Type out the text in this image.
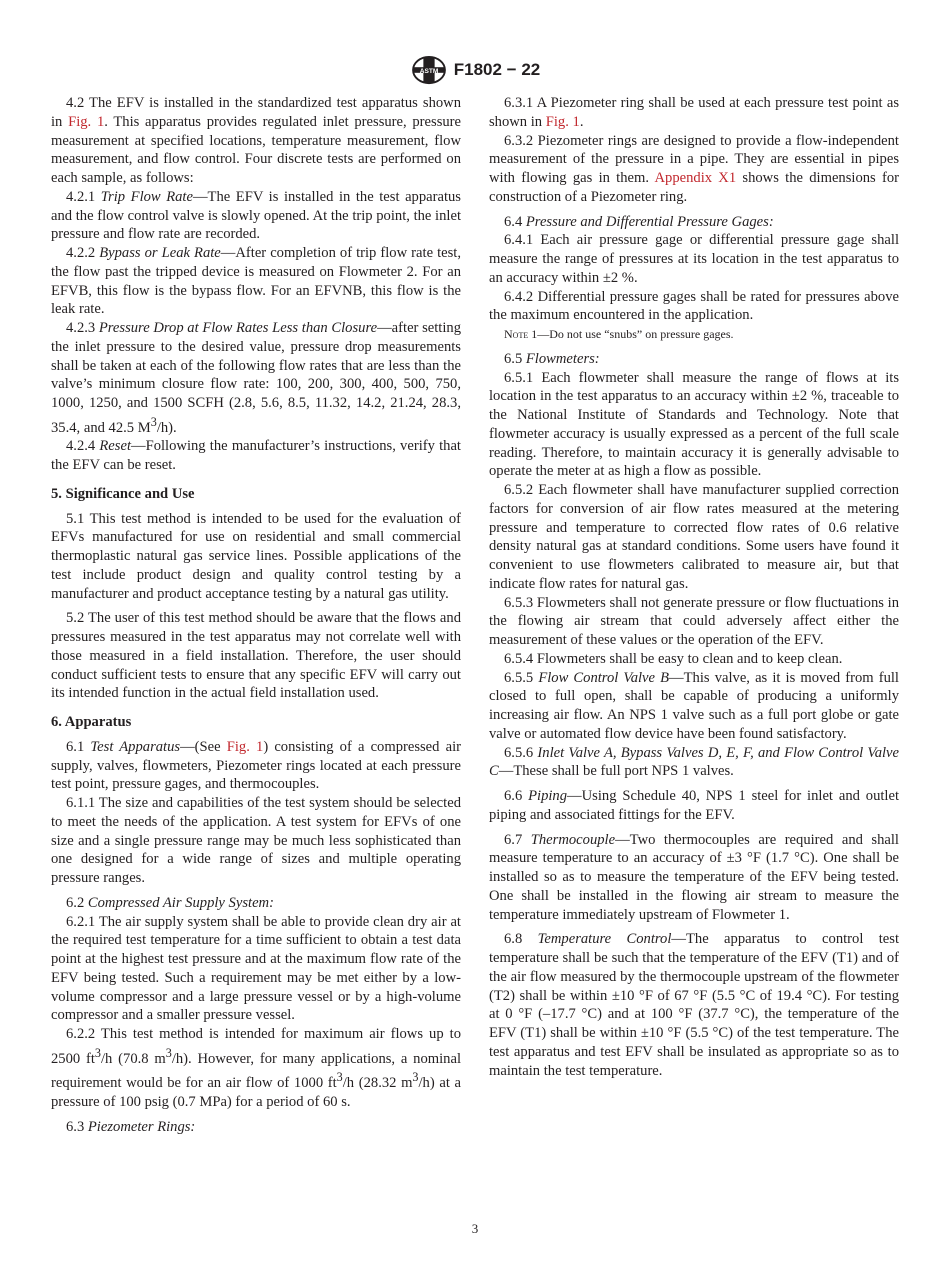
ASTM F1802 − 22

4.2 The EFV is installed in the standardized test apparatus shown in Fig. 1. This apparatus provides regulated inlet pressure, pressure measurement at specified locations, temperature measurement, flow measurement, and flow control. Four discrete tests are performed on each sample, as follows:

4.2.1 Trip Flow Rate—The EFV is installed in the test apparatus and the flow control valve is slowly opened. At the trip point, the inlet pressure and flow rate are recorded.

4.2.2 Bypass or Leak Rate—After completion of trip flow rate test, the flow past the tripped device is measured on Flowmeter 2. For an EFVB, this flow is the bypass flow. For an EFVNB, this flow is the leak rate.

4.2.3 Pressure Drop at Flow Rates Less than Closure—after setting the inlet pressure to the desired value, pressure drop measurements shall be taken at each of the following flow rates that are less than the valve’s minimum closure flow rate: 100, 200, 300, 400, 500, 750, 1000, 1250, and 1500 SCFH (2.8, 5.6, 8.5, 11.32, 14.2, 21.24, 28.3, 35.4, and 42.5 $M^3/h$).

4.2.4 Reset—Following the manufacturer’s instructions, verify that the EFV can be reset.

5. Significance and Use

5.1 This test method is intended to be used for the evaluation of EFVs manufactured for use on residential and small commercial thermoplastic natural gas service lines. Possible applications of the test include product design and quality control testing by a manufacturer and product acceptance testing by a natural gas utility.

5.2 The user of this test method should be aware that the flows and pressures measured in the test apparatus may not correlate well with those measured in a field installation. Therefore, the user should conduct sufficient tests to ensure that any specific EFV will carry out its intended function in the actual field installation used.

6. Apparatus

6.1 Test Apparatus—(See Fig. 1) consisting of a compressed air supply, valves, flowmeters, Piezometer rings located at each pressure test point, pressure gages, and thermocouples.

6.1.1 The size and capabilities of the test system should be selected to meet the needs of the application. A test system for EFVs of one size and a single pressure range may be much less sophisticated than one designed for a wide range of sizes and multiple operating pressure ranges.

6.2 Compressed Air Supply System:

6.2.1 The air supply system shall be able to provide clean dry air at the required test temperature for a time sufficient to obtain a test data point at the highest test pressure and at the maximum flow rate of the EFV being tested. Such a requirement may be met either by a low-volume compressor and a large pressure vessel or by a high-volume compressor and a smaller pressure vessel.

6.2.2 This test method is intended for maximum air flows up to 2500 $ft^3/h$ (70.8 $m^3/h$). However, for many applications, a nominal requirement would be for an air flow of 1000 $ft^3/h$ (28.32 $m^3/h$) at a pressure of 100 psig (0.7 MPa) for a period of 60 s.

6.3 Piezometer Rings:

6.3.1 A Piezometer ring shall be used at each pressure test point as shown in Fig. 1.

6.3.2 Piezometer rings are designed to provide a flow-independent measurement of the pressure in a pipe. They are essential in pipes with flowing gas in them. Appendix X1 shows the dimensions for construction of a Piezometer ring.

6.4 Pressure and Differential Pressure Gages:

6.4.1 Each air pressure gage or differential pressure gage shall measure the range of pressures at its location in the test apparatus to an accuracy within ±2 %.

6.4.2 Differential pressure gages shall be rated for pressures above the maximum encountered in the application.

Note 1—Do not use “snubs” on pressure gages.

6.5 Flowmeters:

6.5.1 Each flowmeter shall measure the range of flows at its location in the test apparatus to an accuracy within ±2 %, traceable to the National Institute of Standards and Technology. Note that flowmeter accuracy is usually expressed as a percent of the full scale reading. Therefore, to maintain accuracy it is generally advisable to operate the meter at as high a flow as possible.

6.5.2 Each flowmeter shall have manufacturer supplied correction factors for conversion of air flow rates measured at the metering pressure and temperature to corrected flow rates of 0.6 relative density natural gas at standard conditions. Some users have found it convenient to use flowmeters calibrated to measure air, but that indicate flow rates for natural gas.

6.5.3 Flowmeters shall not generate pressure or flow fluctuations in the flowing air stream that could adversely affect either the measurement of these values or the operation of the EFV.

6.5.4 Flowmeters shall be easy to clean and to keep clean.

6.5.5 Flow Control Valve B—This valve, as it is moved from full closed to full open, shall be capable of producing a uniformly increasing air flow. An NPS 1 valve such as a full port globe or gate valve or automated flow device have been found satisfactory.

6.5.6 Inlet Valve A, Bypass Valves D, E, F, and Flow Control Valve C—These shall be full port NPS 1 valves.

6.6 Piping—Using Schedule 40, NPS 1 steel for inlet and outlet piping and associated fittings for the EFV.

6.7 Thermocouple—Two thermocouples are required and shall measure temperature to an accuracy of ±3 °F (1.7 °C). One shall be installed so as to measure the temperature of the EFV being tested. One shall be installed in the flowing air stream to measure the temperature immediately upstream of Flowmeter 1.

6.8 Temperature Control—The apparatus to control test temperature shall be such that the temperature of the EFV (T1) and of the air flow measured by the thermocouple upstream of the flowmeter (T2) shall be within ±10 °F of 67 °F (5.5 °C of 19.4 °C). For testing at 0 °F (–17.7 °C) and at 100 °F (37.7 °C), the temperature of the EFV (T1) shall be within ±10 °F (5.5 °C) of the test temperature. The test apparatus and test EFV shall be insulated as appropriate so as to maintain the test temperature.

3
